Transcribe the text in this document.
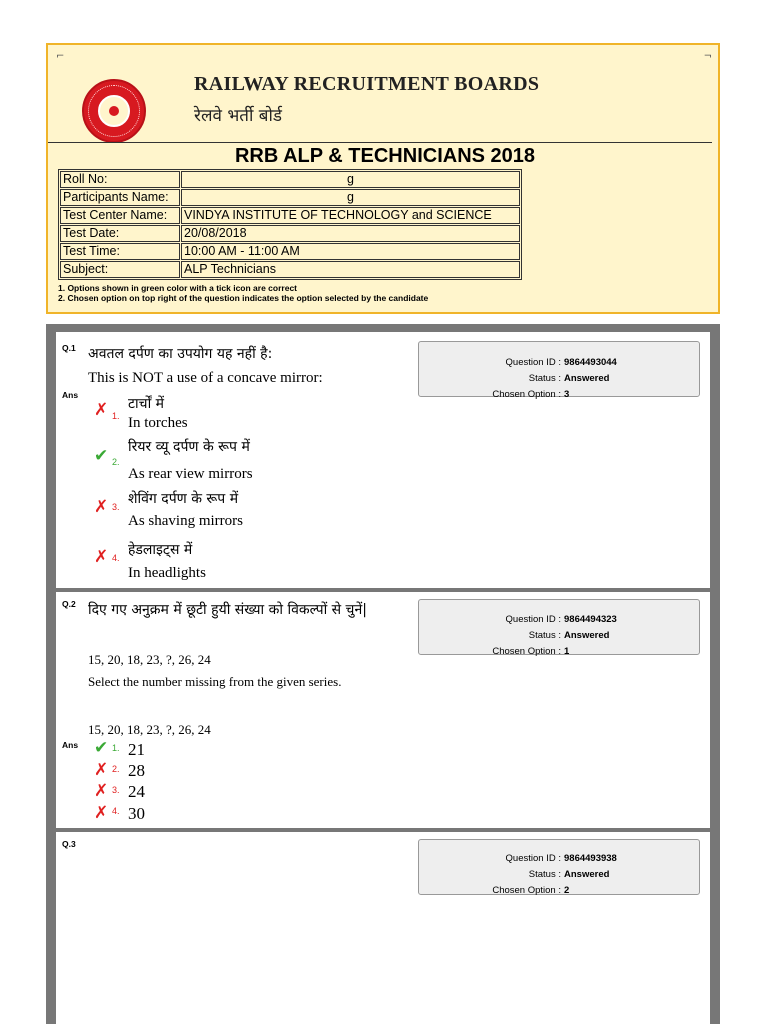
⌐	¬
RAILWAY RECRUITMENT BOARDS
रेलवे भर्ती बोर्ड
RRB ALP & TECHNICIANS 2018
Roll No:	g
Participants Name:	g
Test Center Name:	VINDYA INSTITUTE OF TECHNOLOGY and SCIENCE
Test Date:	20/08/2018
Test Time:	10:00 AM - 11:00 AM
Subject:	ALP Technicians
1. Options shown in green color with a tick icon are correct
2. Chosen option on top right of the question indicates the option selected by the candidate
Q.1 अवतल दर्पण का उपयोग यह नहीं है:
This is NOT a use of a concave mirror:
Ans
✗ 1.
टार्चों में
In torches
✔ 2.
रियर व्यू दर्पण के रूप में
As rear view mirrors
✗ 3. शेविंग दर्पण के रूप में
As shaving mirrors
✗ 4. हेडलाइट्स में
In headlights
Question ID : 9864493044
Status : Answered
Chosen Option : 3
Q.2 दिए गए अनुक्रम में छूटी हुयी संख्या को विकल्पों से चुनें|
15, 20, 18, 23, ?, 26, 24
Select the number missing from the given series.
15, 20, 18, 23, ?, 26, 24
Ans ✔ 1. 21
✗ 2. 28
✗ 3. 24
✗ 4. 30
Question ID : 9864494323
Status : Answered
Chosen Option : 1
Q.3
Question ID : 9864493938
Status : Answered
Chosen Option : 2
